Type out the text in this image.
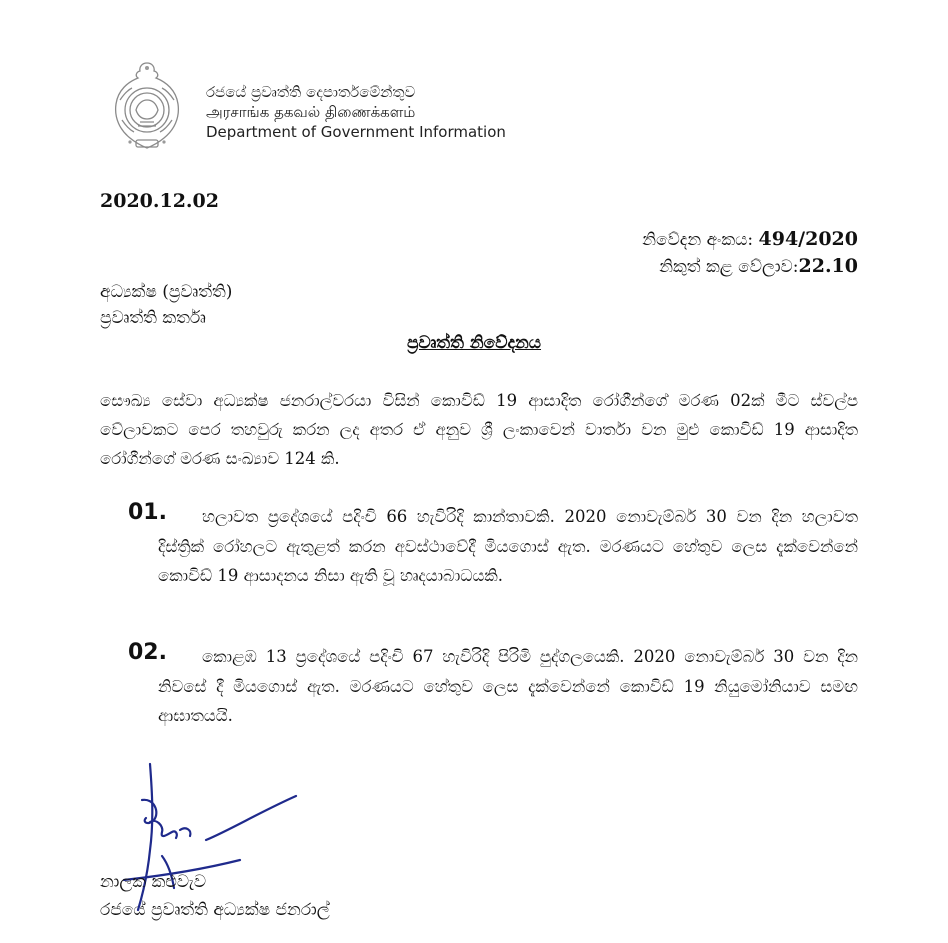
රජයේ ප්‍රවෘත්ති දෙපාර්තමේන්තුව
அரசாங்க தகவல் திணைக்களம்
Department of Government Information
2020.12.02
නිවේදන අංකය: 494/2020
නිකුත් කළ වේලාව:22.10
අධ්‍යක්ෂ (ප්‍රවෘත්ති)
ප්‍රවෘත්ති කර්තෘ
ප්‍රවෘත්ති නිවේදනය
සෞඛ්‍ය සේවා අධ්‍යක්ෂ ජනරාල්වරයා විසින් කොවිඩ් 19 ආසාදිත රෝගීන්ගේ මරණ 02ක් මීට ස්වල්ප වේලාවකට පෙර තහවුරු කරන ලද අතර ඒ අනුව ශ්‍රී ලංකාවෙන් වාර්තා වන මුළු කොවිඩ් 19 ආසාදිත රෝගීන්ගේ මරණ සංඛ්‍යාව 124 කි.
01.	හලාවත ප්‍රදේශයේ පදිංචි 66 හැවිරිදි කාන්තාවකි. 2020 නොවැම්බර් 30 වන දින හලාවත දිස්ත්‍රික් රෝහලට ඇතුළත් කරන අවස්ථාවේදී මියගොස් ඇත. මරණයට හේතුව ලෙස දැක්වෙන්නේ කොවිඩ් 19 ආසාදනය නිසා ඇති වූ හෘදයාබාධයකි.
02.	කොළඹ 13 ප්‍රදේශයේ පදිංචි 67 හැවිරිදි පිරිමි පුද්ගලයෙකි. 2020 නොවැම්බර් 30 වන දින නිවසේ දී මියගොස් ඇත. මරණයට හේතුව ලෙස දැක්වෙන්නේ කොවිඩ් 19 නියුමෝනියාව සමඟ ආඝාතයයි.
නාලක කළුවැව
රජයේ ප්‍රවෘත්ති අධ්‍යක්ෂ ජනරාල්
